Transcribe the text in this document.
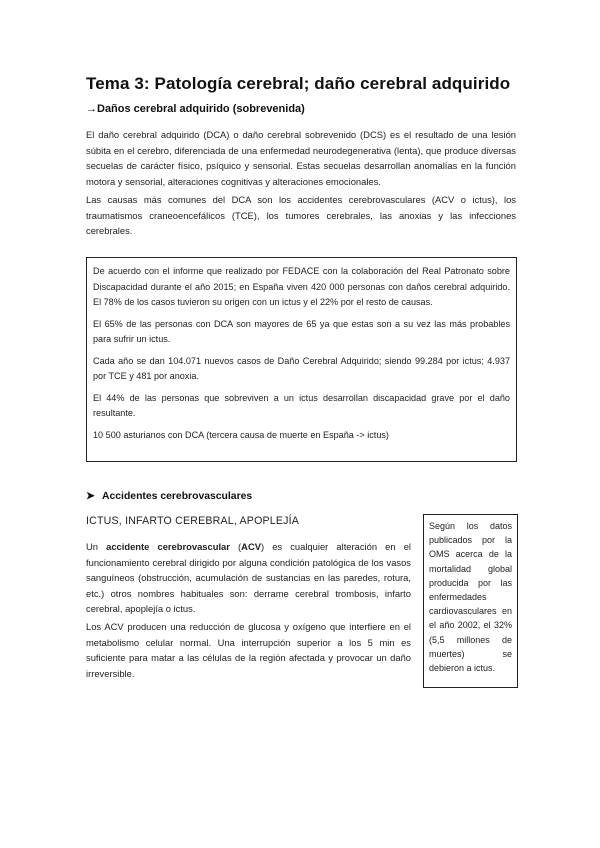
Tema 3: Patología cerebral; daño cerebral adquirido
→Daños cerebral adquirido (sobrevenida)

El daño cerebral adquirido (DCA) o daño cerebral sobrevenido (DCS) es el resultado de una lesión súbita en el cerebro, diferenciada de una enfermedad neurodegenerativa (lenta), que produce diversas secuelas de carácter físico, psíquico y sensorial. Estas secuelas desarrollan anomalías en la función motora y sensorial, alteraciones cognitivas y alteraciones emocionales.

Las causas más comunes del DCA son los accidentes cerebrovasculares (ACV o ictus), los traumatismos craneoencefálicos (TCE), los tumores cerebrales, las anoxias y las infecciones cerebrales.

De acuerdo con el informe que realizado por FEDACE con la colaboración del Real Patronato sobre Discapacidad durante el año 2015; en España viven 420 000 personas con daños cerebral adquirido. El 78% de los casos tuvieron su origen con un ictus y el 22% por el resto de causas.

El 65% de las personas con DCA son mayores de 65 ya que estas son a su vez las más probables para sufrir un ictus.

Cada año se dan 104.071 nuevos casos de Daño Cerebral Adquirido; siendo 99.284 por ictus; 4.937 por TCE y 481 por anoxia.

El 44% de las personas que sobreviven a un ictus desarrollan discapacidad grave por el daño resultante.

10 500 asturianos con DCA (tercera causa de muerte en España -> ictus)

➤ Accidentes cerebrovasculares
ICTUS, INFARTO CEREBRAL, APOPLEJÍA

Un accidente cerebrovascular (ACV) es cualquier alteración en el funcionamiento cerebral dirigido por alguna condición patológica de los vasos sanguíneos (obstrucción, acumulación de sustancias en las paredes, rotura, etc.) otros nombres habituales son: derrame cerebral trombosis, infarto cerebral, apoplejía o ictus.

Los ACV producen una reducción de glucosa y oxígeno que interfiere en el metabolismo celular normal. Una interrupción superior a los 5 min es suficiente para matar a las células de la región afectada y provocar un daño irreversible.

Según los datos publicados por la OMS acerca de la mortalidad global producida por las enfermedades cardiovasculares en el año 2002, el 32% (5,5 millones de muertes) se debieron a ictus.
